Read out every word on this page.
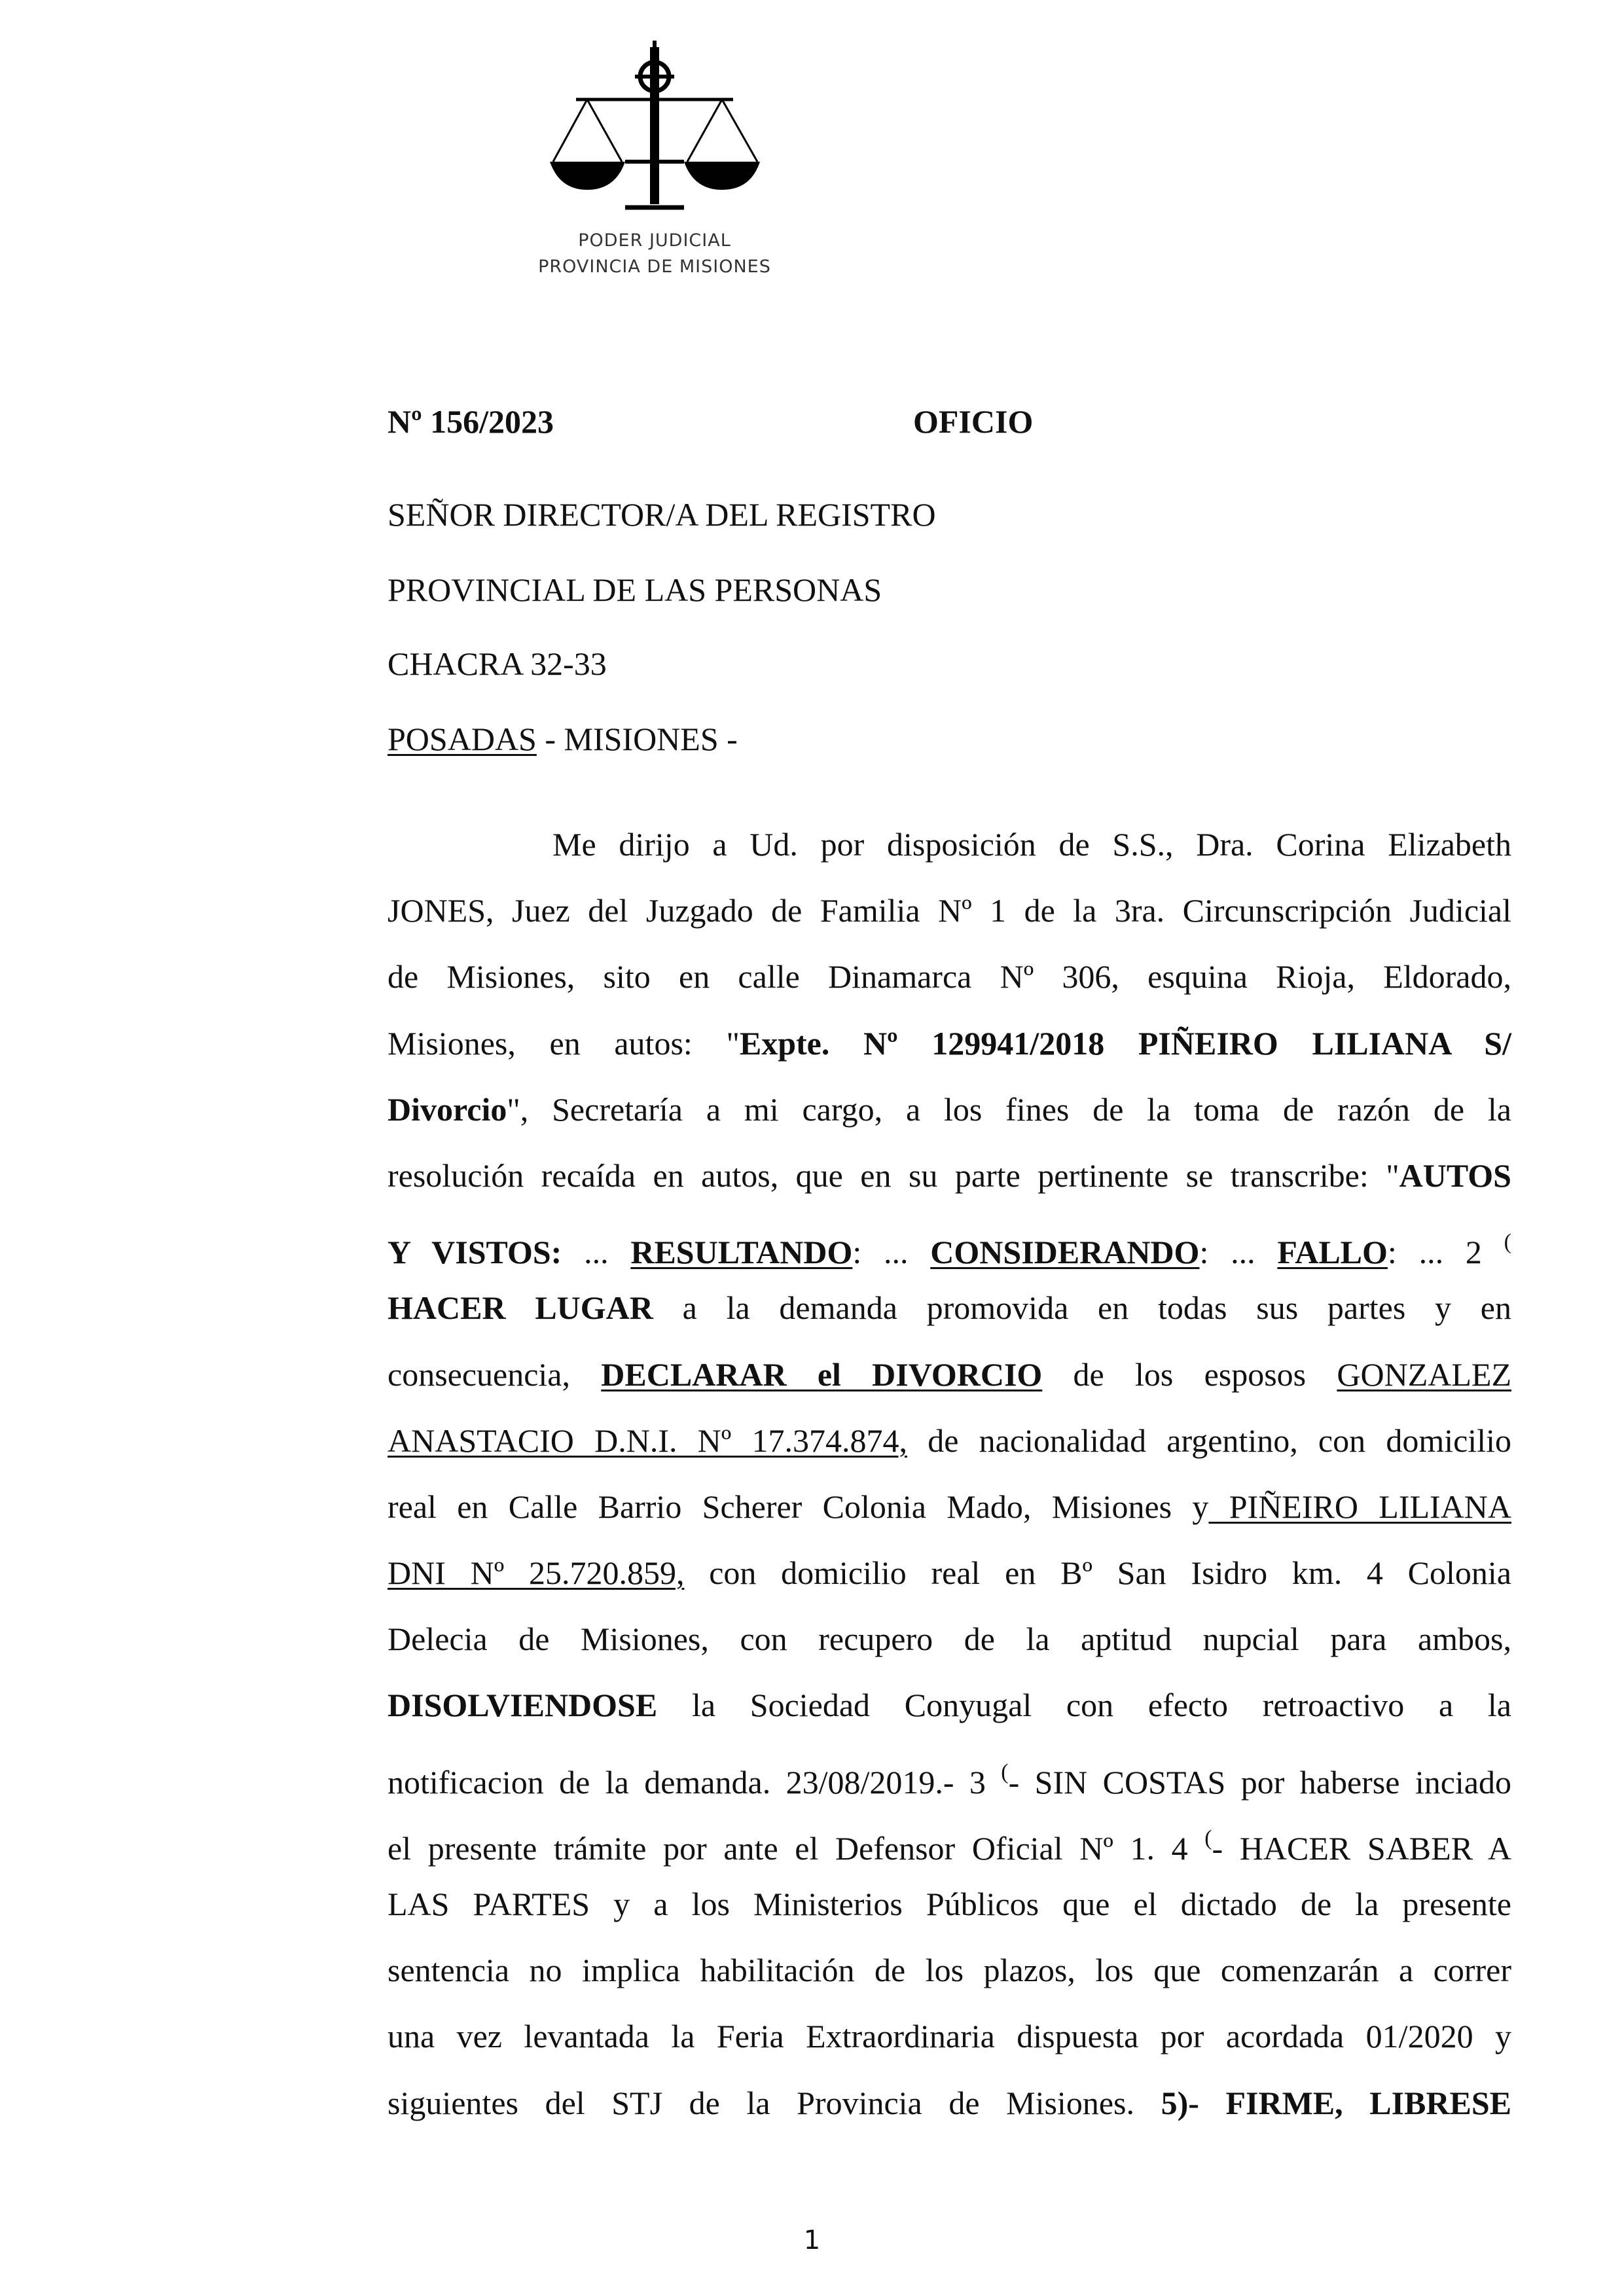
PODER JUDICIAL
PROVINCIA DE MISIONES
Nº 156/2023	OFICIO
SEÑOR DIRECTOR/A DEL REGISTRO
PROVINCIAL DE LAS PERSONAS
CHACRA 32-33
POSADAS - MISIONES -
Me dirijo a Ud. por disposición de S.S., Dra. Corina Elizabeth
JONES, Juez del Juzgado de Familia Nº 1 de la 3ra. Circunscripción Judicial
de Misiones, sito en calle Dinamarca Nº 306, esquina Rioja, Eldorado,
Misiones, en autos: "Expte. Nº 129941/2018 PIÑEIRO LILIANA S/
Divorcio", Secretaría a mi cargo, a los fines de la toma de razón de la
resolución recaída en autos, que en su parte pertinente se transcribe: "AUTOS
Y VISTOS: ... RESULTANDO: ... CONSIDERANDO: ... FALLO: ... 2 (
HACER LUGAR a la demanda promovida en todas sus partes y en
consecuencia, DECLARAR el DIVORCIO de los esposos GONZALEZ
ANASTACIO D.N.I. Nº 17.374.874, de nacionalidad argentino, con domicilio
real en Calle Barrio Scherer Colonia Mado, Misiones y PIÑEIRO LILIANA
DNI Nº 25.720.859, con domicilio real en Bº San Isidro km. 4 Colonia
Delecia de Misiones, con recupero de la aptitud nupcial para ambos,
DISOLVIENDOSE la Sociedad Conyugal con efecto retroactivo a la
notificacion de la demanda. 23/08/2019.- 3 (- SIN COSTAS por haberse inciado
el presente trámite por ante el Defensor Oficial Nº 1. 4 (- HACER SABER A
LAS PARTES y a los Ministerios Públicos que el dictado de la presente
sentencia no implica habilitación de los plazos, los que comenzarán a correr
una vez levantada la Feria Extraordinaria dispuesta por acordada 01/2020 y
siguientes del STJ de la Provincia de Misiones. 5)- FIRME, LIBRESE
1
